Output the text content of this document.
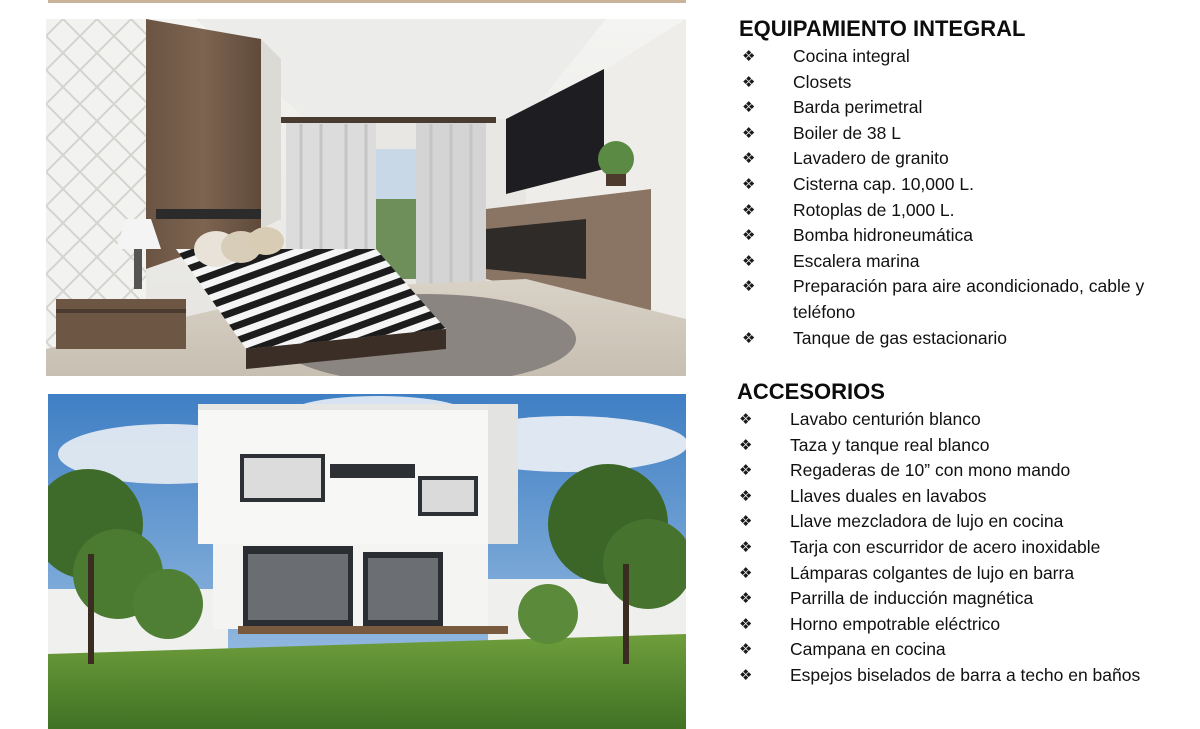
EQUIPAMIENTO INTEGRAL
❖ Cocina integral
❖ Closets
❖ Barda perimetral
❖ Boiler de 38 L
❖ Lavadero de granito
❖ Cisterna cap. 10,000 L.
❖ Rotoplas de 1,000 L.
❖ Bomba hidroneumática
❖ Escalera marina
❖ Preparación para aire acondicionado, cable y teléfono
❖ Tanque de gas estacionario
ACCESORIOS
❖ Lavabo centurión blanco
❖ Taza y tanque real blanco
❖ Regaderas de 10” con mono mando
❖ Llaves duales en lavabos
❖ Llave mezcladora de lujo en cocina
❖ Tarja con escurridor de acero inoxidable
❖ Lámparas colgantes de lujo en barra
❖ Parrilla de inducción magnética
❖ Horno empotrable eléctrico
❖ Campana en cocina
❖ Espejos biselados de barra a techo en baños
